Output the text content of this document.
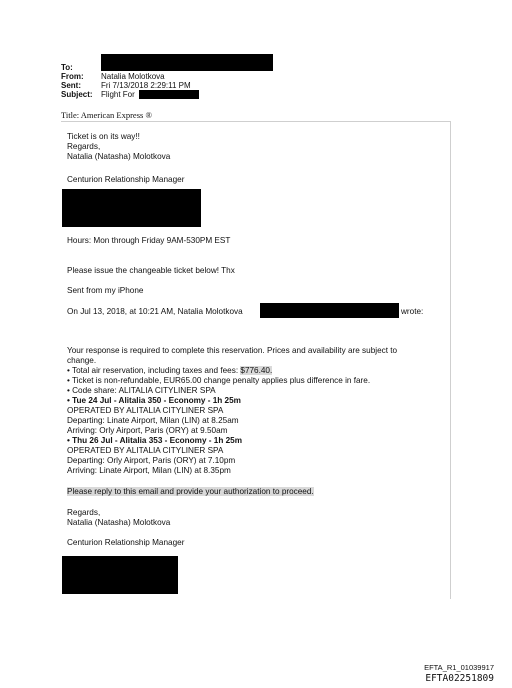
To:
From: Natalia Molotkova
Sent:	Fri 7/13/2018 2:29:11 PM
Subject: Flight For
Title: American Express ®
Ticket is on its way!!
Regards,
Natalia (Natasha) Molotkova
Centurion Relationship Manager
Hours: Mon through Friday 9AM-530PM EST
Please issue the changeable ticket below! Thx
Sent from my iPhone
On Jul 13, 2018, at 10:21 AM, Natalia Molotkova	wrote:
Your response is required to complete this reservation. Prices and availability are subject to
change.
• Total air reservation, including taxes and fees: $776.40.
• Ticket is non-refundable, EUR65.00 change penalty applies plus difference in fare.
• Code share: ALITALIA CITYLINER SPA
• Tue 24 Jul - Alitalia 350 - Economy - 1h 25m
OPERATED BY ALITALIA CITYLINER SPA
Departing: Linate Airport, Milan (LIN) at 8.25am
Arriving: Orly Airport, Paris (ORY) at 9.50am
• Thu 26 Jul - Alitalia 353 - Economy - 1h 25m
OPERATED BY ALITALIA CITYLINER SPA
Departing: Orly Airport, Paris (ORY) at 7.10pm
Arriving: Linate Airport, Milan (LIN) at 8.35pm
Please reply to this email and provide your authorization to proceed.
Regards,
Natalia (Natasha) Molotkova
Centurion Relationship Manager
EFTA_R1_01039917
EFTA02251809
